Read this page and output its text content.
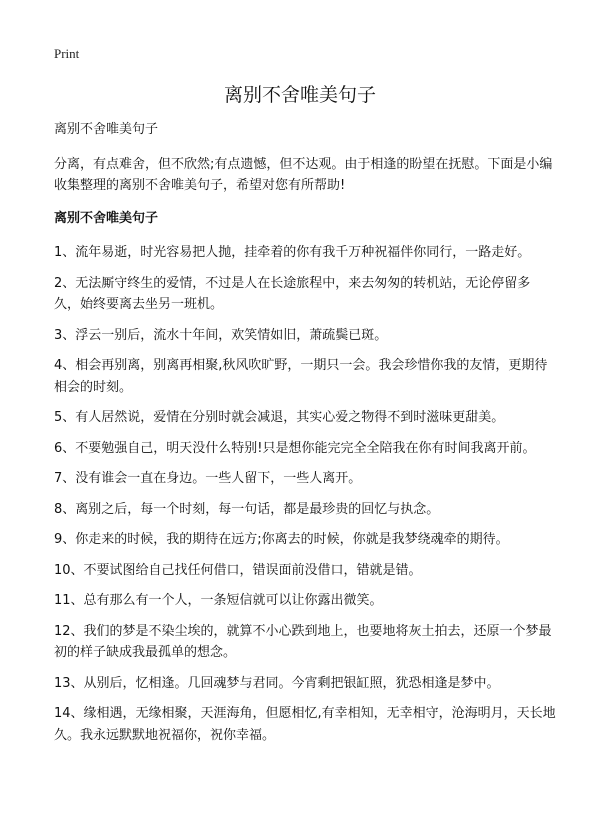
Print
离别不舍唯美句子
离别不舍唯美句子

分离，有点难舍，但不欣然;有点遗憾，但不达观。由于相逢的盼望在抚慰。下面是小编收集整理的离别不舍唯美句子，希望对您有所帮助!

离别不舍唯美句子
1、流年易逝，时光容易把人抛，挂牵着的你有我千万种祝福伴你同行，一路走好。
2、无法厮守终生的爱情，不过是人在长途旅程中，来去匆匆的转机站，无论停留多久，始终要离去坐另一班机。
3、浮云一别后，流水十年间，欢笑情如旧，萧疏鬓已斑。
4、相会再别离，别离再相聚,秋风吹旷野，一期只一会。我会珍惜你我的友情，更期待相会的时刻。
5、有人居然说，爱情在分别时就会减退，其实心爱之物得不到时滋味更甜美。
6、不要勉强自己，明天没什么特别!只是想你能完完全全陪我在你有时间我离开前。
7、没有谁会一直在身边。一些人留下，一些人离开。
8、离别之后，每一个时刻，每一句话，都是最珍贵的回忆与执念。
9、你走来的时候，我的期待在远方;你离去的时候，你就是我梦绕魂牵的期待。
10、不要试图给自己找任何借口，错误面前没借口，错就是错。
11、总有那么有一个人，一条短信就可以让你露出微笑。
12、我们的梦是不染尘埃的，就算不小心跌到地上，也要地将灰土拍去，还原一个梦最初的样子缺成我最孤单的想念。
13、从别后，忆相逢。几回魂梦与君同。今宵剩把银缸照，犹恐相逢是梦中。
14、缘相遇，无缘相聚，天涯海角，但愿相忆,有幸相知，无幸相守，沧海明月，天长地久。我永远默默地祝福你，祝你幸福。
